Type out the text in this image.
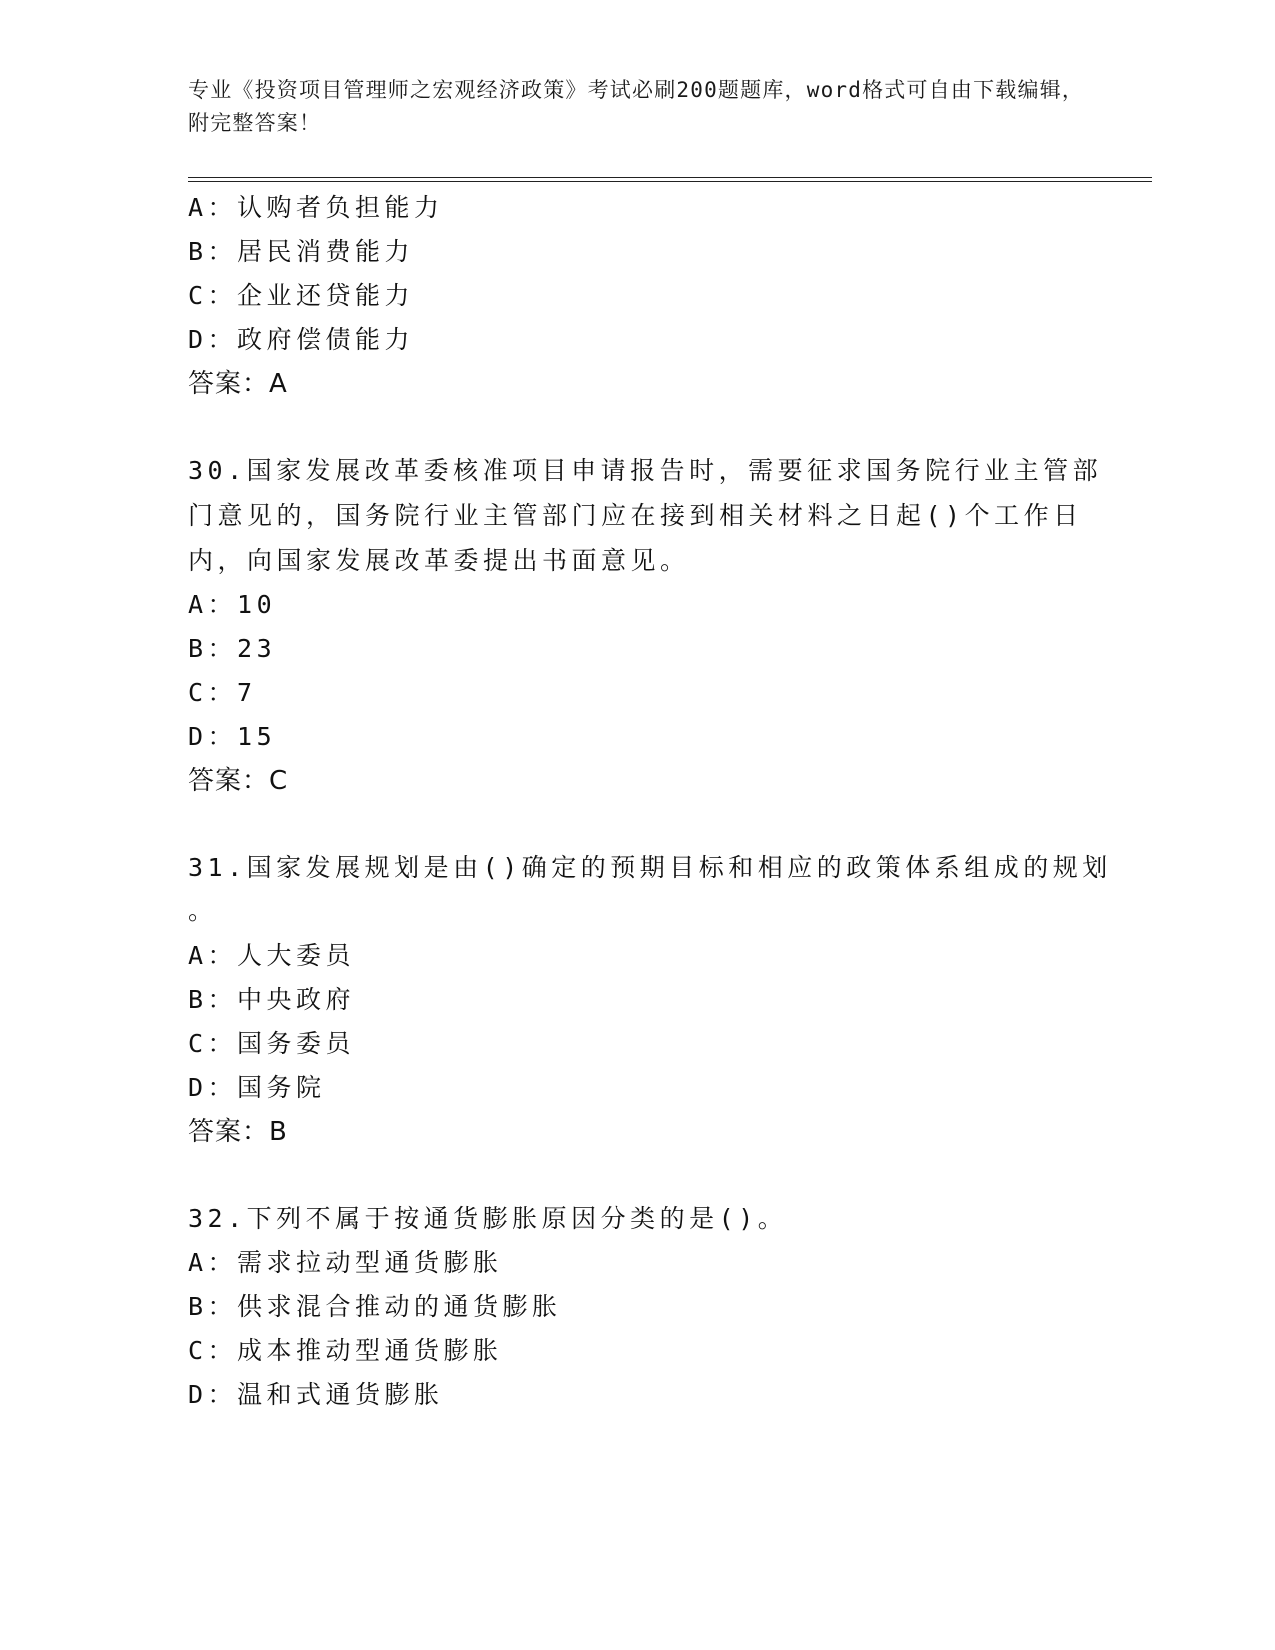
专业《投资项目管理师之宏观经济政策》考试必刷200题题库，word格式可自由下载编辑，附完整答案！
A：认购者负担能力
B：居民消费能力
C：企业还贷能力
D：政府偿债能力
答案：A
30.国家发展改革委核准项目申请报告时，需要征求国务院行业主管部
门意见的，国务院行业主管部门应在接到相关材料之日起()个工作日
内，向国家发展改革委提出书面意见。
A：10
B：23
C：7
D：15
答案：C
31.国家发展规划是由()确定的预期目标和相应的政策体系组成的规划
。
A：人大委员
B：中央政府
C：国务委员
D：国务院
答案：B
32.下列不属于按通货膨胀原因分类的是()。
A：需求拉动型通货膨胀
B：供求混合推动的通货膨胀
C：成本推动型通货膨胀
D：温和式通货膨胀
